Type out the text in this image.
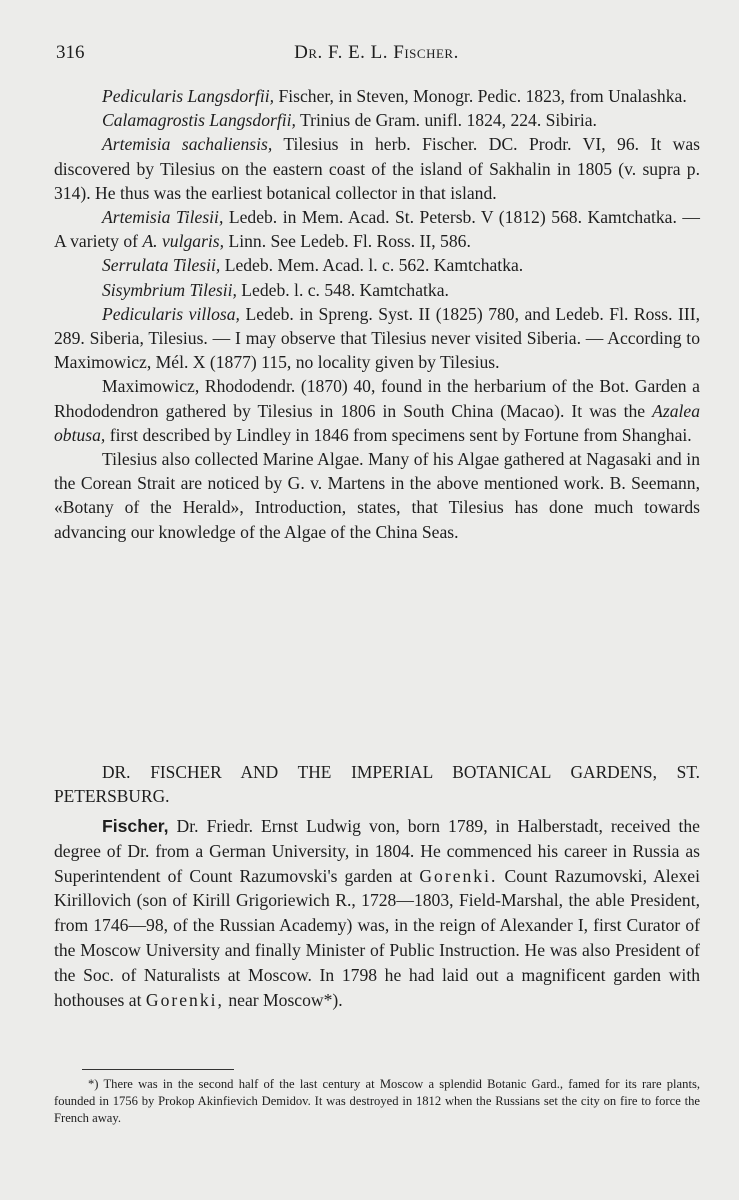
316	Dr. F. E. L. Fischer.

Pedicularis Langsdorfii, Fischer, in Steven, Monogr. Pedic. 1823, from Unalashka.

Calamagrostis Langsdorfii, Trinius de Gram. unifl. 1824, 224. Sibiria.

Artemisia sachaliensis, Tilesius in herb. Fischer. DC. Prodr. VI, 96. It was discovered by Tilesius on the eastern coast of the island of Sakhalin in 1805 (v. supra p. 314). He thus was the earliest botanical collector in that island.

Artemisia Tilesii, Ledeb. in Mem. Acad. St. Petersb. V (1812) 568. Kamtchatka. — A variety of A. vulgaris, Linn. See Ledeb. Fl. Ross. II, 586.

Serrulata Tilesii, Ledeb. Mem. Acad. l. c. 562. Kamtchatka.

Sisymbrium Tilesii, Ledeb. l. c. 548. Kamtchatka.

Pedicularis villosa, Ledeb. in Spreng. Syst. II (1825) 780, and Ledeb. Fl. Ross. III, 289. Siberia, Tilesius. — I may observe that Tilesius never visited Siberia. — According to Maximowicz, Mél. X (1877) 115, no locality given by Tilesius.

Maximowicz, Rhododendr. (1870) 40, found in the herbarium of the Bot. Garden a Rhododendron gathered by Tilesius in 1806 in South China (Macao). It was the Azalea obtusa, first described by Lindley in 1846 from specimens sent by Fortune from Shanghai.

Tilesius also collected Marine Algae. Many of his Algae gathered at Nagasaki and in the Corean Strait are noticed by G. v. Martens in the above mentioned work. B. Seemann, «Botany of the Herald», Introduction, states, that Tilesius has done much towards advancing our knowledge of the Algae of the China Seas.

DR. FISCHER AND THE IMPERIAL BOTANICAL GARDENS, ST. PETERSBURG.

Fischer, Dr. Friedr. Ernst Ludwig von, born 1789, in Halberstadt, received the degree of Dr. from a German University, in 1804. He commenced his career in Russia as Superintendent of Count Razumovski's garden at Gorenki. Count Razumovski, Alexei Kirillovich (son of Kirill Grigoriewich R., 1728—1803, Field-Marshal, the able President, from 1746—98, of the Russian Academy) was, in the reign of Alexander I, first Curator of the Moscow University and finally Minister of Public Instruction. He was also President of the Soc. of Naturalists at Moscow. In 1798 he had laid out a magnificent garden with hothouses at Gorenki, near Moscow*).

*) There was in the second half of the last century at Moscow a splendid Botanic Gard., famed for its rare plants, founded in 1756 by Prokop Akinfievich Demidov. It was destroyed in 1812 when the Russians set the city on fire to force the French away.
